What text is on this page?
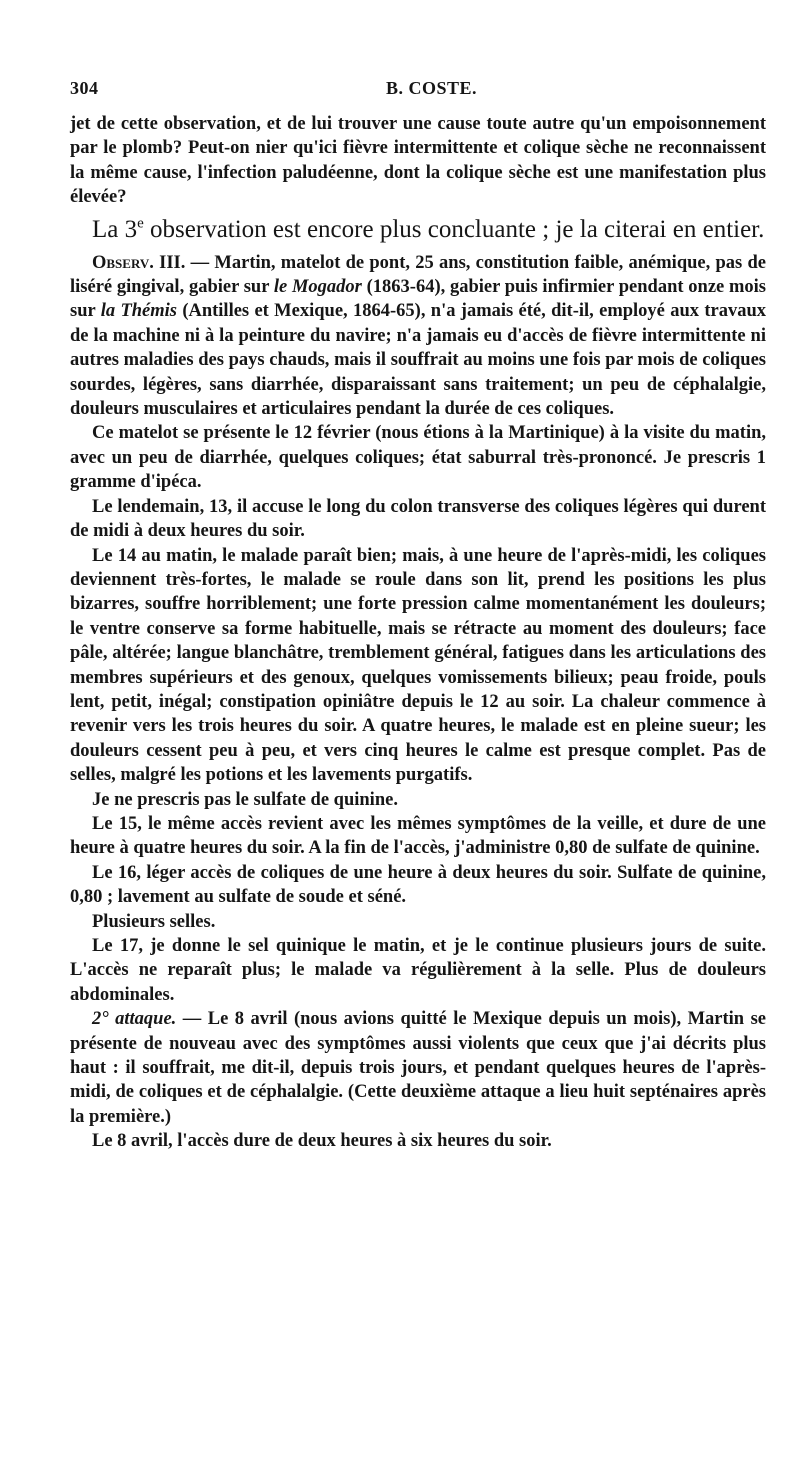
304	B. COSTE.

jet de cette observation, et de lui trouver une cause toute autre qu'un empoisonnement par le plomb? Peut-on nier qu'ici fièvre intermittente et colique sèche ne reconnaissent la même cause, l'infection paludéenne, dont la colique sèche est une manifestation plus élevée?

La 3e observation est encore plus concluante ; je la citerai en entier.

Observ. III. — Martin, matelot de pont, 25 ans, constitution faible, anémique, pas de liséré gingival, gabier sur le Mogador (1863-64), gabier puis infirmier pendant onze mois sur la Thémis (Antilles et Mexique, 1864-65), n'a jamais été, dit-il, employé aux travaux de la machine ni à la peinture du navire; n'a jamais eu d'accès de fièvre intermittente ni autres maladies des pays chauds, mais il souffrait au moins une fois par mois de coliques sourdes, légères, sans diarrhée, disparaissant sans traitement; un peu de céphalalgie, douleurs musculaires et articulaires pendant la durée de ces coliques.

Ce matelot se présente le 12 février (nous étions à la Martinique) à la visite du matin, avec un peu de diarrhée, quelques coliques; état saburral très-prononcé. Je prescris 1 gramme d'ipéca.

Le lendemain, 13, il accuse le long du colon transverse des coliques légères qui durent de midi à deux heures du soir.

Le 14 au matin, le malade paraît bien; mais, à une heure de l'après-midi, les coliques deviennent très-fortes, le malade se roule dans son lit, prend les positions les plus bizarres, souffre horriblement; une forte pression calme momentanément les douleurs; le ventre conserve sa forme habituelle, mais se rétracte au moment des douleurs; face pâle, altérée; langue blanchâtre, tremblement général, fatigues dans les articulations des membres supérieurs et des genoux, quelques vomissements bilieux; peau froide, pouls lent, petit, inégal; constipation opiniâtre depuis le 12 au soir. La chaleur commence à revenir vers les trois heures du soir. A quatre heures, le malade est en pleine sueur; les douleurs cessent peu à peu, et vers cinq heures le calme est presque complet. Pas de selles, malgré les potions et les lavements purgatifs.

Je ne prescris pas le sulfate de quinine.

Le 15, le même accès revient avec les mêmes symptômes de la veille, et dure de une heure à quatre heures du soir. A la fin de l'accès, j'administre 0,80 de sulfate de quinine.

Le 16, léger accès de coliques de une heure à deux heures du soir. Sulfate de quinine, 0,80 ; lavement au sulfate de soude et séné.

Plusieurs selles.

Le 17, je donne le sel quinique le matin, et je le continue plusieurs jours de suite. L'accès ne reparaît plus; le malade va régulièrement à la selle. Plus de douleurs abdominales.

2° attaque. — Le 8 avril (nous avions quitté le Mexique depuis un mois), Martin se présente de nouveau avec des symptômes aussi violents que ceux que j'ai décrits plus haut : il souffrait, me dit-il, depuis trois jours, et pendant quelques heures de l'après-midi, de coliques et de céphalalgie. (Cette deuxième attaque a lieu huit septénaires après la première.)

Le 8 avril, l'accès dure de deux heures à six heures du soir.
